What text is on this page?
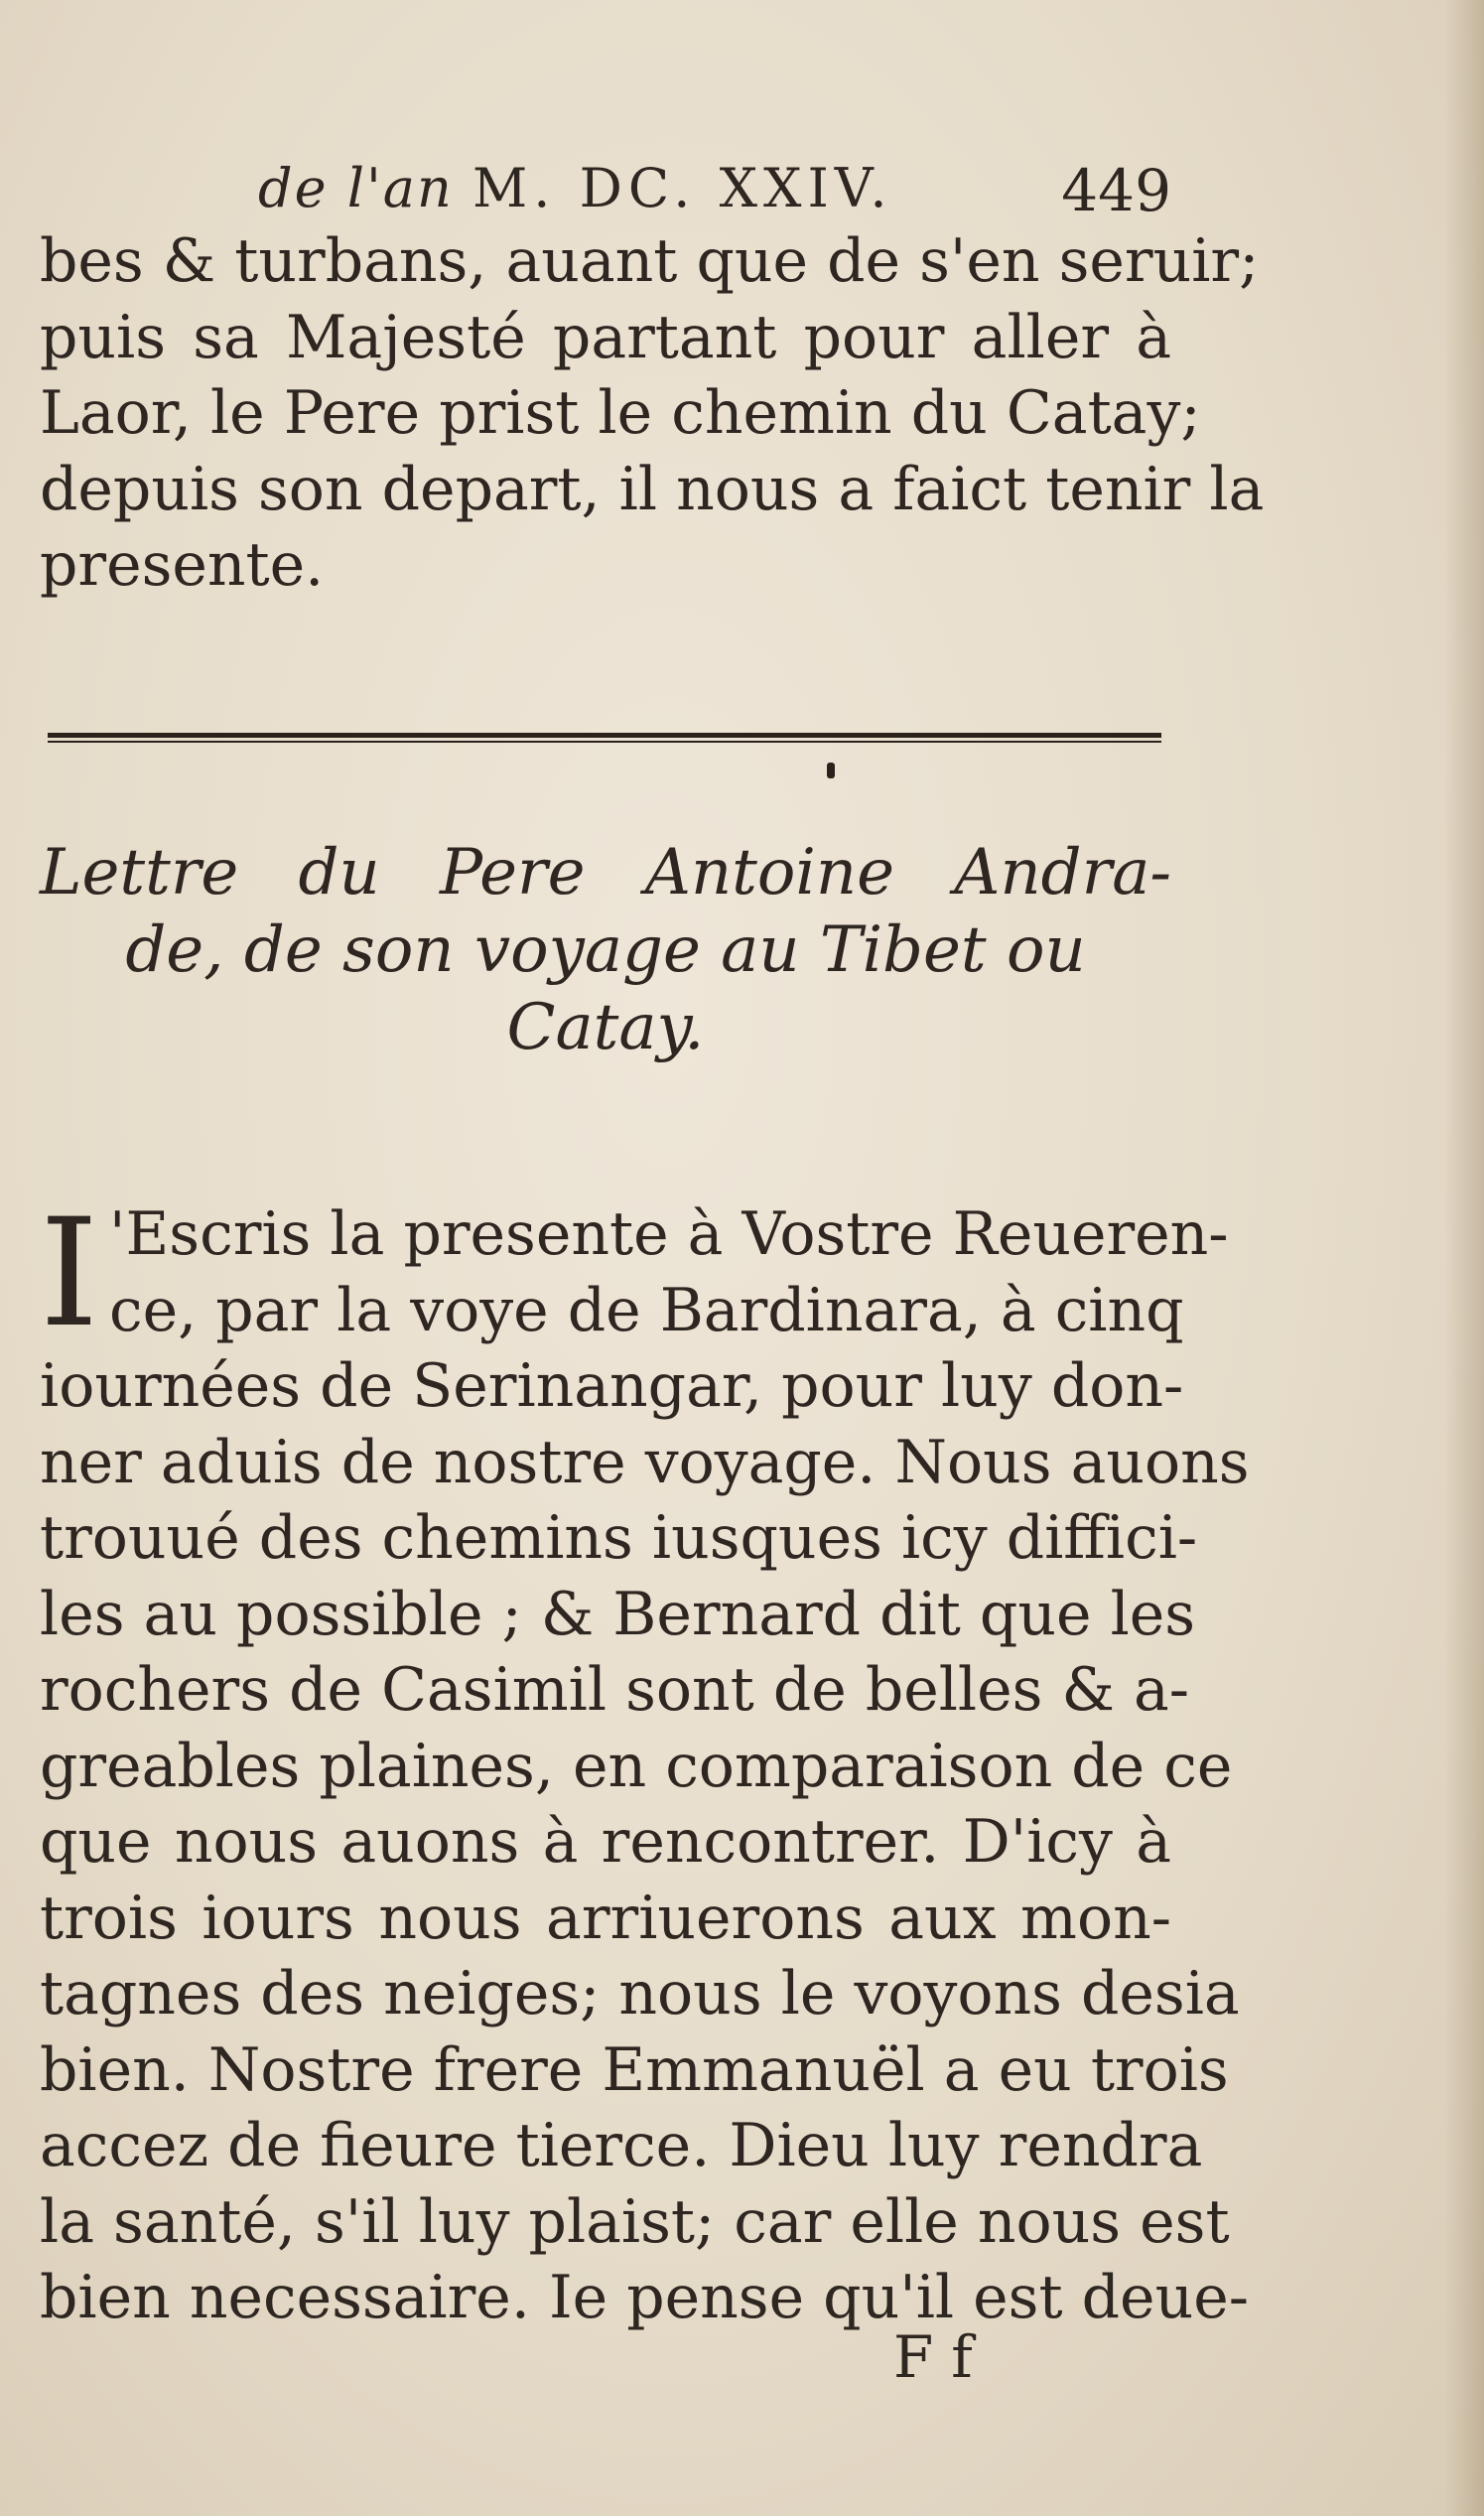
de l'an M. DC. XXIV.	449
bes & turbans, auant que de s'en seruir;
puis sa Majesté partant pour aller à
Laor, le Pere prist le chemin du Catay;
depuis son depart, il nous a faict tenir la
presente.
Lettre du Pere Antoine Andra-
de, de son voyage au Tibet ou
Catay.
I 'Escris la presente à Vostre Reueren-
ce, par la voye de Bardinara, à cinq
iournées de Serinangar, pour luy don-
ner aduis de nostre voyage. Nous auons
trouué des chemins iusques icy diffici-
les au possible ; & Bernard dit que les
rochers de Casimil sont de belles & a-
greables plaines, en comparaison de ce
que nous auons à rencontrer. D'icy à
trois iours nous arriuerons aux mon-
tagnes des neiges; nous le voyons desia
bien. Nostre frere Emmanuël a eu trois
accez de fieure tierce. Dieu luy rendra
la santé, s'il luy plaist; car elle nous est
bien necessaire. Ie pense qu'il est deue-
Ff
